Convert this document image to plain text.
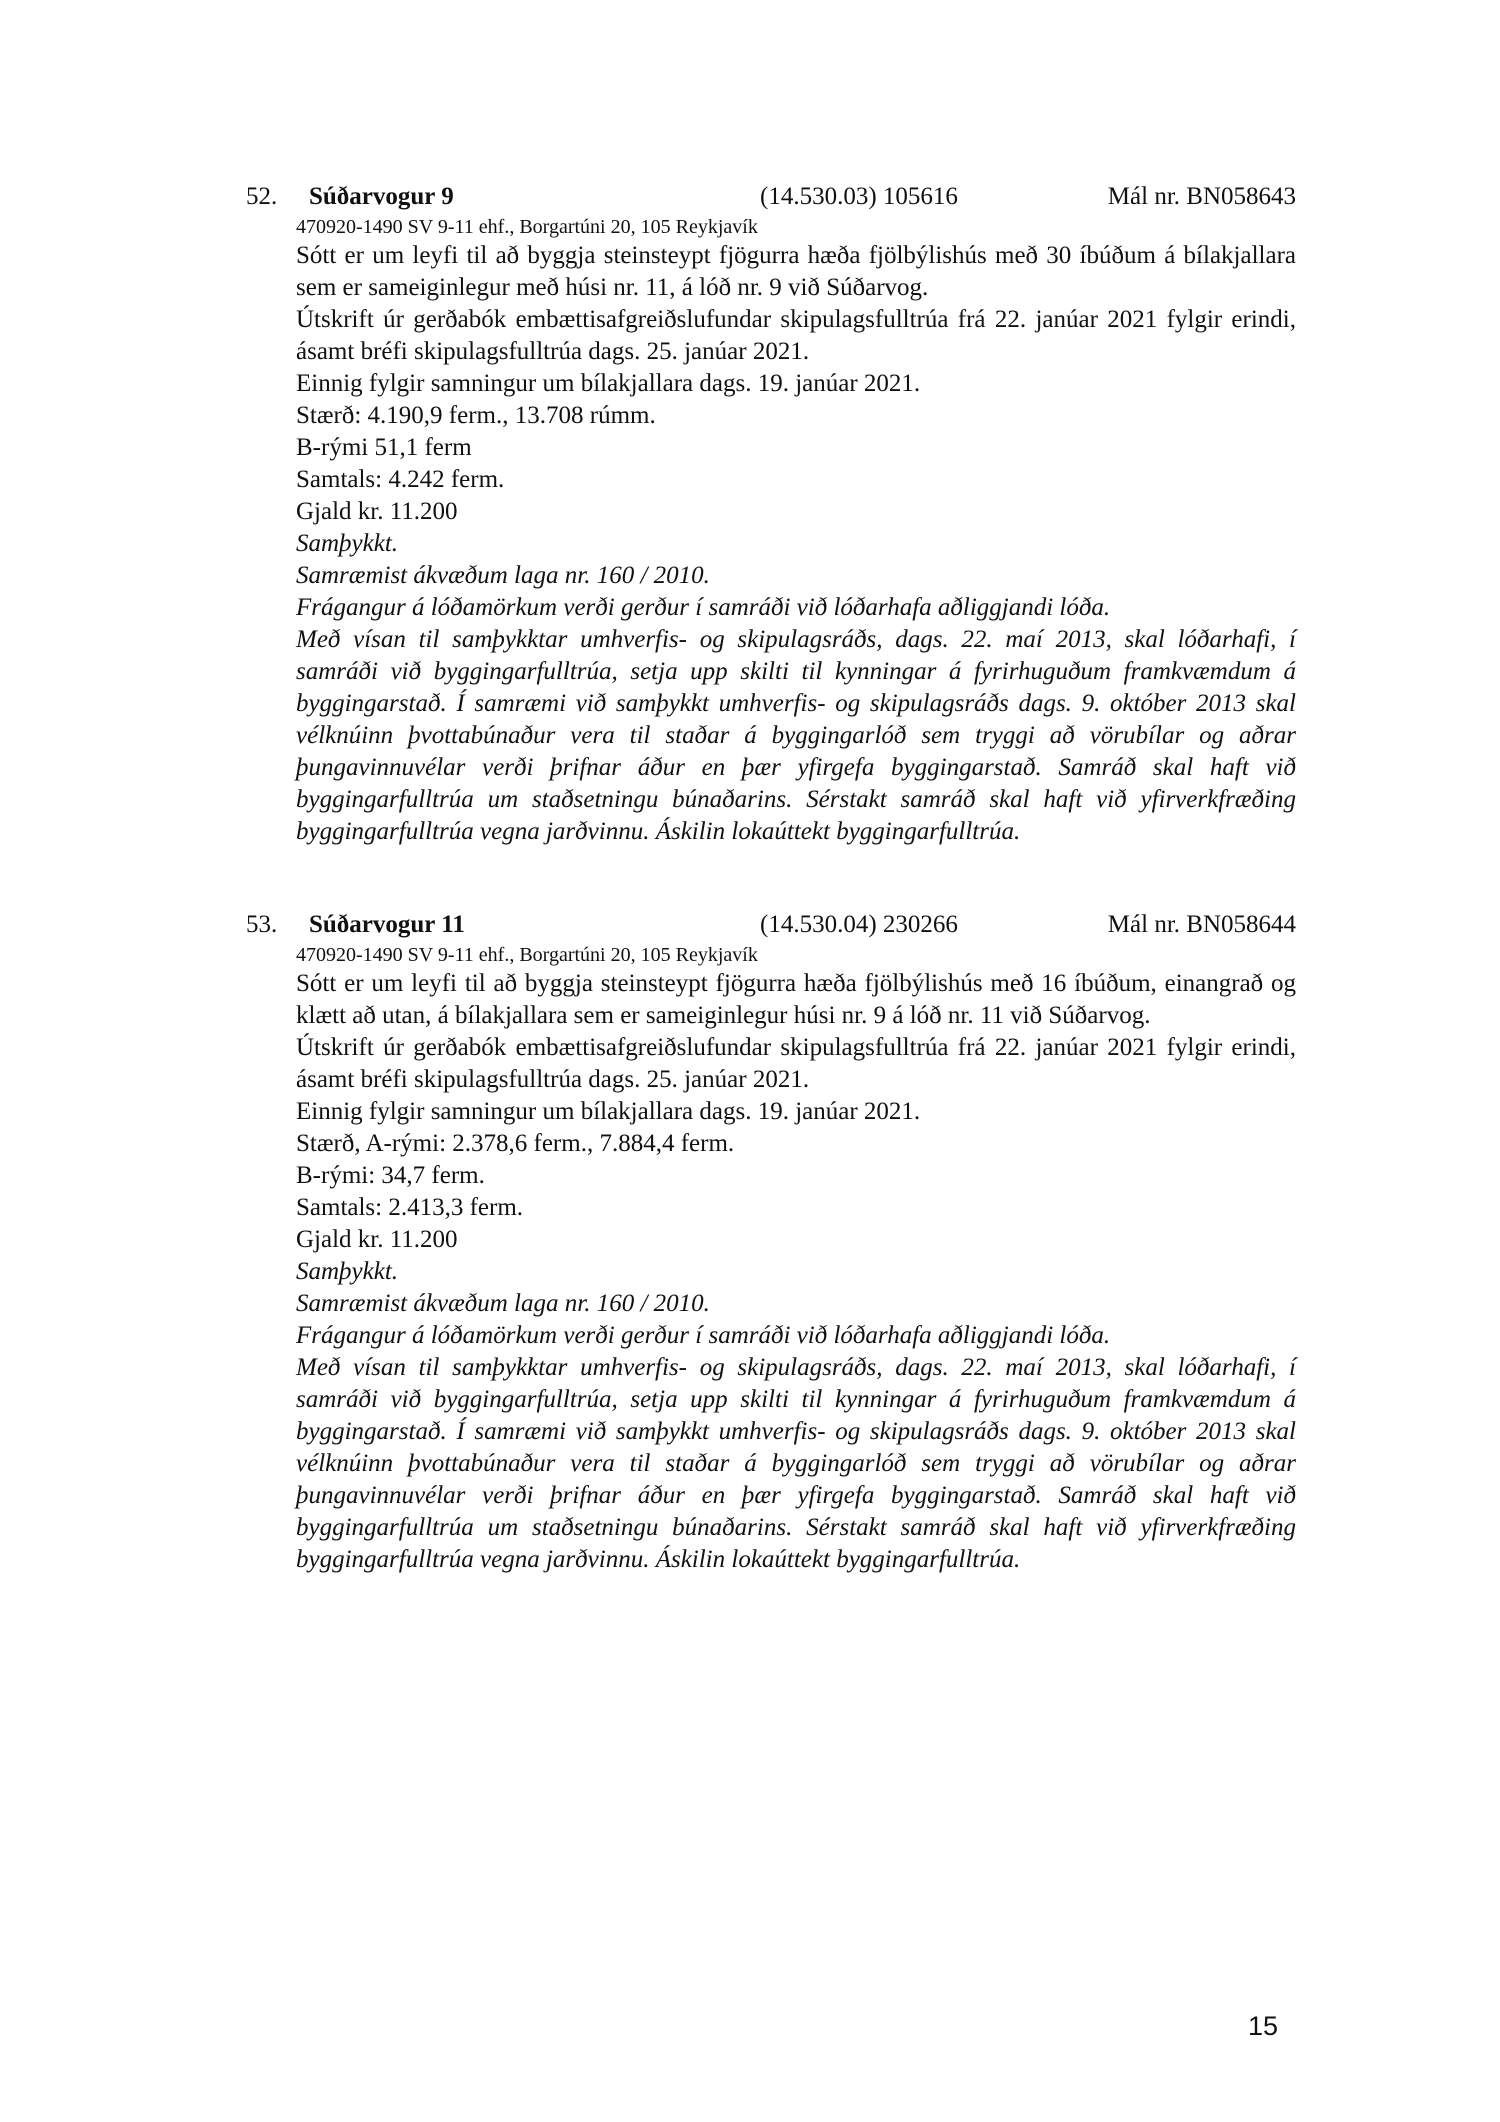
52. Súðarvogur 9	(14.530.03) 105616	Mál nr. BN058643
470920-1490 SV 9-11 ehf., Borgartúni 20, 105 Reykjavík

Sótt er um leyfi til að byggja steinsteypt fjögurra hæða fjölbýlishús með 30 íbúðum á bílakjallara sem er sameiginlegur með húsi nr. 11, á lóð nr. 9 við Súðarvog.

Útskrift úr gerðabók embættisafgreiðslufundar skipulagsfulltrúa frá 22. janúar 2021 fylgir erindi, ásamt bréfi skipulagsfulltrúa dags. 25. janúar 2021.

Einnig fylgir samningur um bílakjallara dags. 19. janúar 2021.

Stærð: 4.190,9 ferm., 13.708 rúmm.

B-rými 51,1 ferm

Samtals: 4.242 ferm.

Gjald kr. 11.200

Samþykkt.

Samræmist ákvæðum laga nr. 160 / 2010.

Frágangur á lóðamörkum verði gerður í samráði við lóðarhafa aðliggjandi lóða.

Með vísan til samþykktar umhverfis- og skipulagsráðs, dags. 22. maí 2013, skal lóðarhafi, í samráði við byggingarfulltrúa, setja upp skilti til kynningar á fyrirhuguðum framkvæmdum á byggingarstað. Í samræmi við samþykkt umhverfis- og skipulagsráðs dags. 9. október 2013 skal vélknúinn þvottabúnaður vera til staðar á byggingarlóð sem tryggi að vörubílar og aðrar þungavinnuvélar verði þrifnar áður en þær yfirgefa byggingarstað. Samráð skal haft við byggingarfulltrúa um staðsetningu búnaðarins. Sérstakt samráð skal haft við yfirverkfræðing byggingarfulltrúa vegna jarðvinnu. Áskilin lokaúttekt byggingarfulltrúa.

53. Súðarvogur 11	(14.530.04) 230266	Mál nr. BN058644
470920-1490 SV 9-11 ehf., Borgartúni 20, 105 Reykjavík

Sótt er um leyfi til að byggja steinsteypt fjögurra hæða fjölbýlishús með 16 íbúðum, einangrað og klætt að utan, á bílakjallara sem er sameiginlegur húsi nr. 9 á lóð nr. 11 við Súðarvog.

Útskrift úr gerðabók embættisafgreiðslufundar skipulagsfulltrúa frá 22. janúar 2021 fylgir erindi, ásamt bréfi skipulagsfulltrúa dags. 25. janúar 2021.

Einnig fylgir samningur um bílakjallara dags. 19. janúar 2021.

Stærð, A-rými: 2.378,6 ferm., 7.884,4 ferm.

B-rými: 34,7 ferm.

Samtals: 2.413,3 ferm.

Gjald kr. 11.200

Samþykkt.

Samræmist ákvæðum laga nr. 160 / 2010.

Frágangur á lóðamörkum verði gerður í samráði við lóðarhafa aðliggjandi lóða.

Með vísan til samþykktar umhverfis- og skipulagsráðs, dags. 22. maí 2013, skal lóðarhafi, í samráði við byggingarfulltrúa, setja upp skilti til kynningar á fyrirhuguðum framkvæmdum á byggingarstað. Í samræmi við samþykkt umhverfis- og skipulagsráðs dags. 9. október 2013 skal vélknúinn þvottabúnaður vera til staðar á byggingarlóð sem tryggi að vörubílar og aðrar þungavinnuvélar verði þrifnar áður en þær yfirgefa byggingarstað. Samráð skal haft við byggingarfulltrúa um staðsetningu búnaðarins. Sérstakt samráð skal haft við yfirverkfræðing byggingarfulltrúa vegna jarðvinnu. Áskilin lokaúttekt byggingarfulltrúa.

15
